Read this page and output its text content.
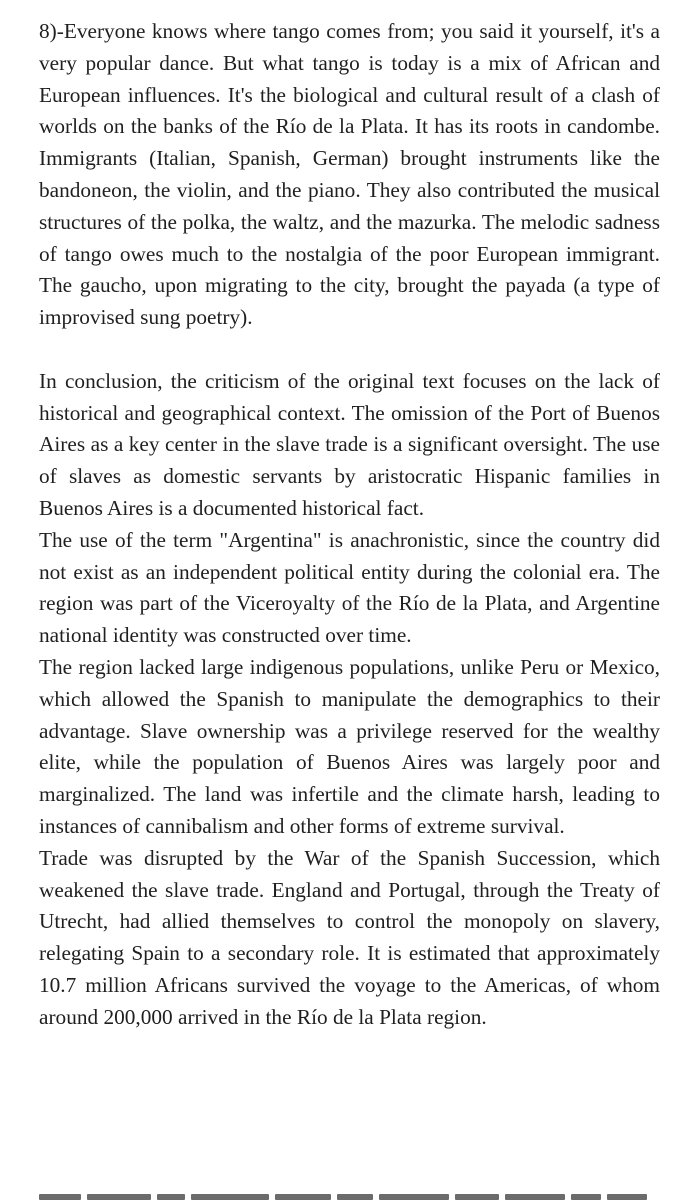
8)-Everyone knows where tango comes from; you said it yourself, it's a very popular dance. But what tango is today is a mix of African and European influences. It's the biological and cultural result of a clash of worlds on the banks of the Río de la Plata. It has its roots in candombe. Immigrants (Italian, Spanish, German) brought instruments like the bandoneon, the violin, and the piano. They also contributed the musical structures of the polka, the waltz, and the mazurka. The melodic sadness of tango owes much to the nostalgia of the poor European immigrant. The gaucho, upon migrating to the city, brought the payada (a type of improvised sung poetry).

In conclusion, the criticism of the original text focuses on the lack of historical and geographical context. The omission of the Port of Buenos Aires as a key center in the slave trade is a significant oversight. The use of slaves as domestic servants by aristocratic Hispanic families in Buenos Aires is a documented historical fact.

The use of the term "Argentina" is anachronistic, since the country did not exist as an independent political entity during the colonial era. The region was part of the Viceroyalty of the Río de la Plata, and Argentine national identity was constructed over time.

The region lacked large indigenous populations, unlike Peru or Mexico, which allowed the Spanish to manipulate the demographics to their advantage. Slave ownership was a privilege reserved for the wealthy elite, while the population of Buenos Aires was largely poor and marginalized. The land was infertile and the climate harsh, leading to instances of cannibalism and other forms of extreme survival.

Trade was disrupted by the War of the Spanish Succession, which weakened the slave trade. England and Portugal, through the Treaty of Utrecht, had allied themselves to control the monopoly on slavery, relegating Spain to a secondary role. It is estimated that approximately 10.7 million Africans survived the voyage to the Americas, of whom around 200,000 arrived in the Río de la Plata region.
